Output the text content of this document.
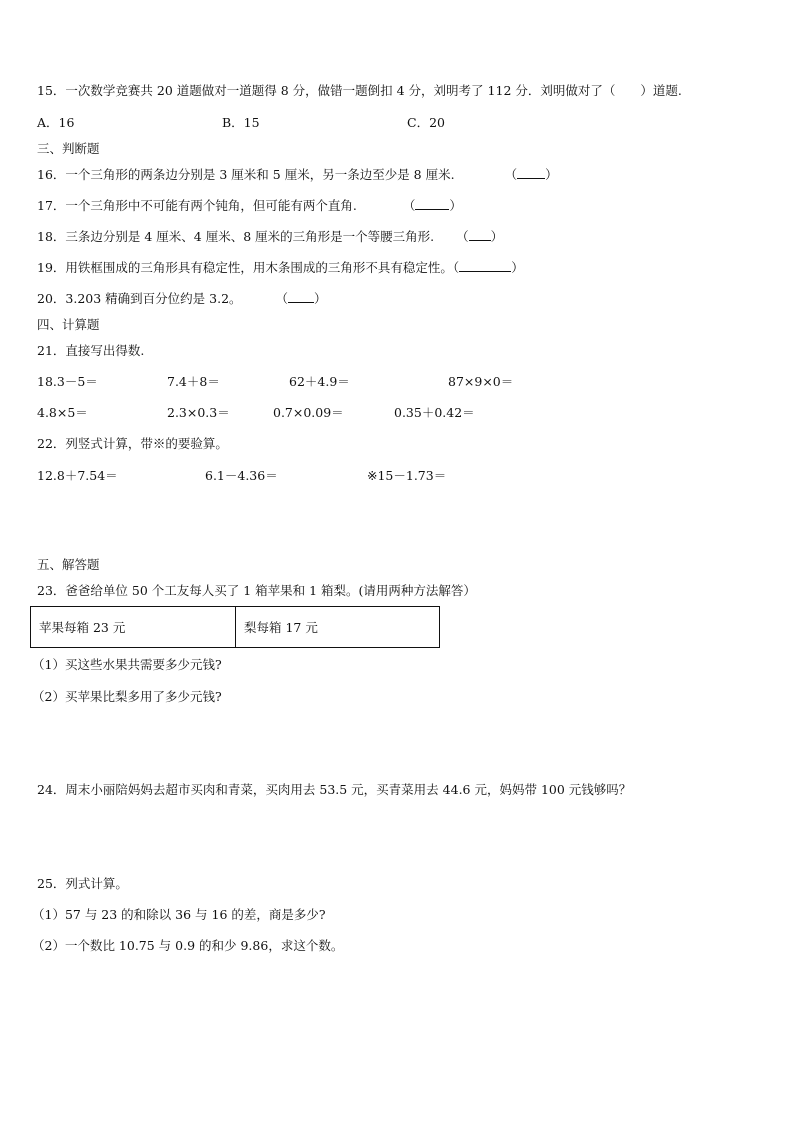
15．一次数学竞赛共 20 道题做对一道题得 8 分，做错一题倒扣 4 分，刘明考了 112 分．刘明做对了（　　）道题.
A．16	B．15	C．20
三、判断题
16．一个三角形的两条边分别是 3 厘米和 5 厘米，另一条边至少是 8 厘米.	（ ）
17．一个三角形中不可能有两个钝角，但可能有两个直角.	（	）
18．三条边分别是 4 厘米、4 厘米、8 厘米的三角形是一个等腰三角形. （ ）
19．用铁框围成的三角形具有稳定性，用木条围成的三角形不具有稳定性。（	）
20．3.203 精确到百分位约是 3.2。	（ ）
四、计算题
21．直接写出得数.
18.3－5＝	7.4＋8＝	62＋4.9＝	87×9×0＝
4.8×5＝	2.3×0.3＝	0.7×0.09＝	0.35＋0.42＝
22．列竖式计算，带※的要验算。
12.8＋7.54＝	6.1－4.36＝	※15－1.73＝
五、解答题
23．爸爸给单位 50 个工友每人买了 1 箱苹果和 1 箱梨。(请用两种方法解答）
苹果每箱 23 元	梨每箱 17 元
（1）买这些水果共需要多少元钱?
（2）买苹果比梨多用了多少元钱?
24．周末小丽陪妈妈去超市买肉和青菜，买肉用去 53.5 元，买青菜用去 44.6 元，妈妈带 100 元钱够吗？
25．列式计算。
（1）57 与 23 的和除以 36 与 16 的差，商是多少?
（2）一个数比 10.75 与 0.9 的和少 9.86，求这个数。
